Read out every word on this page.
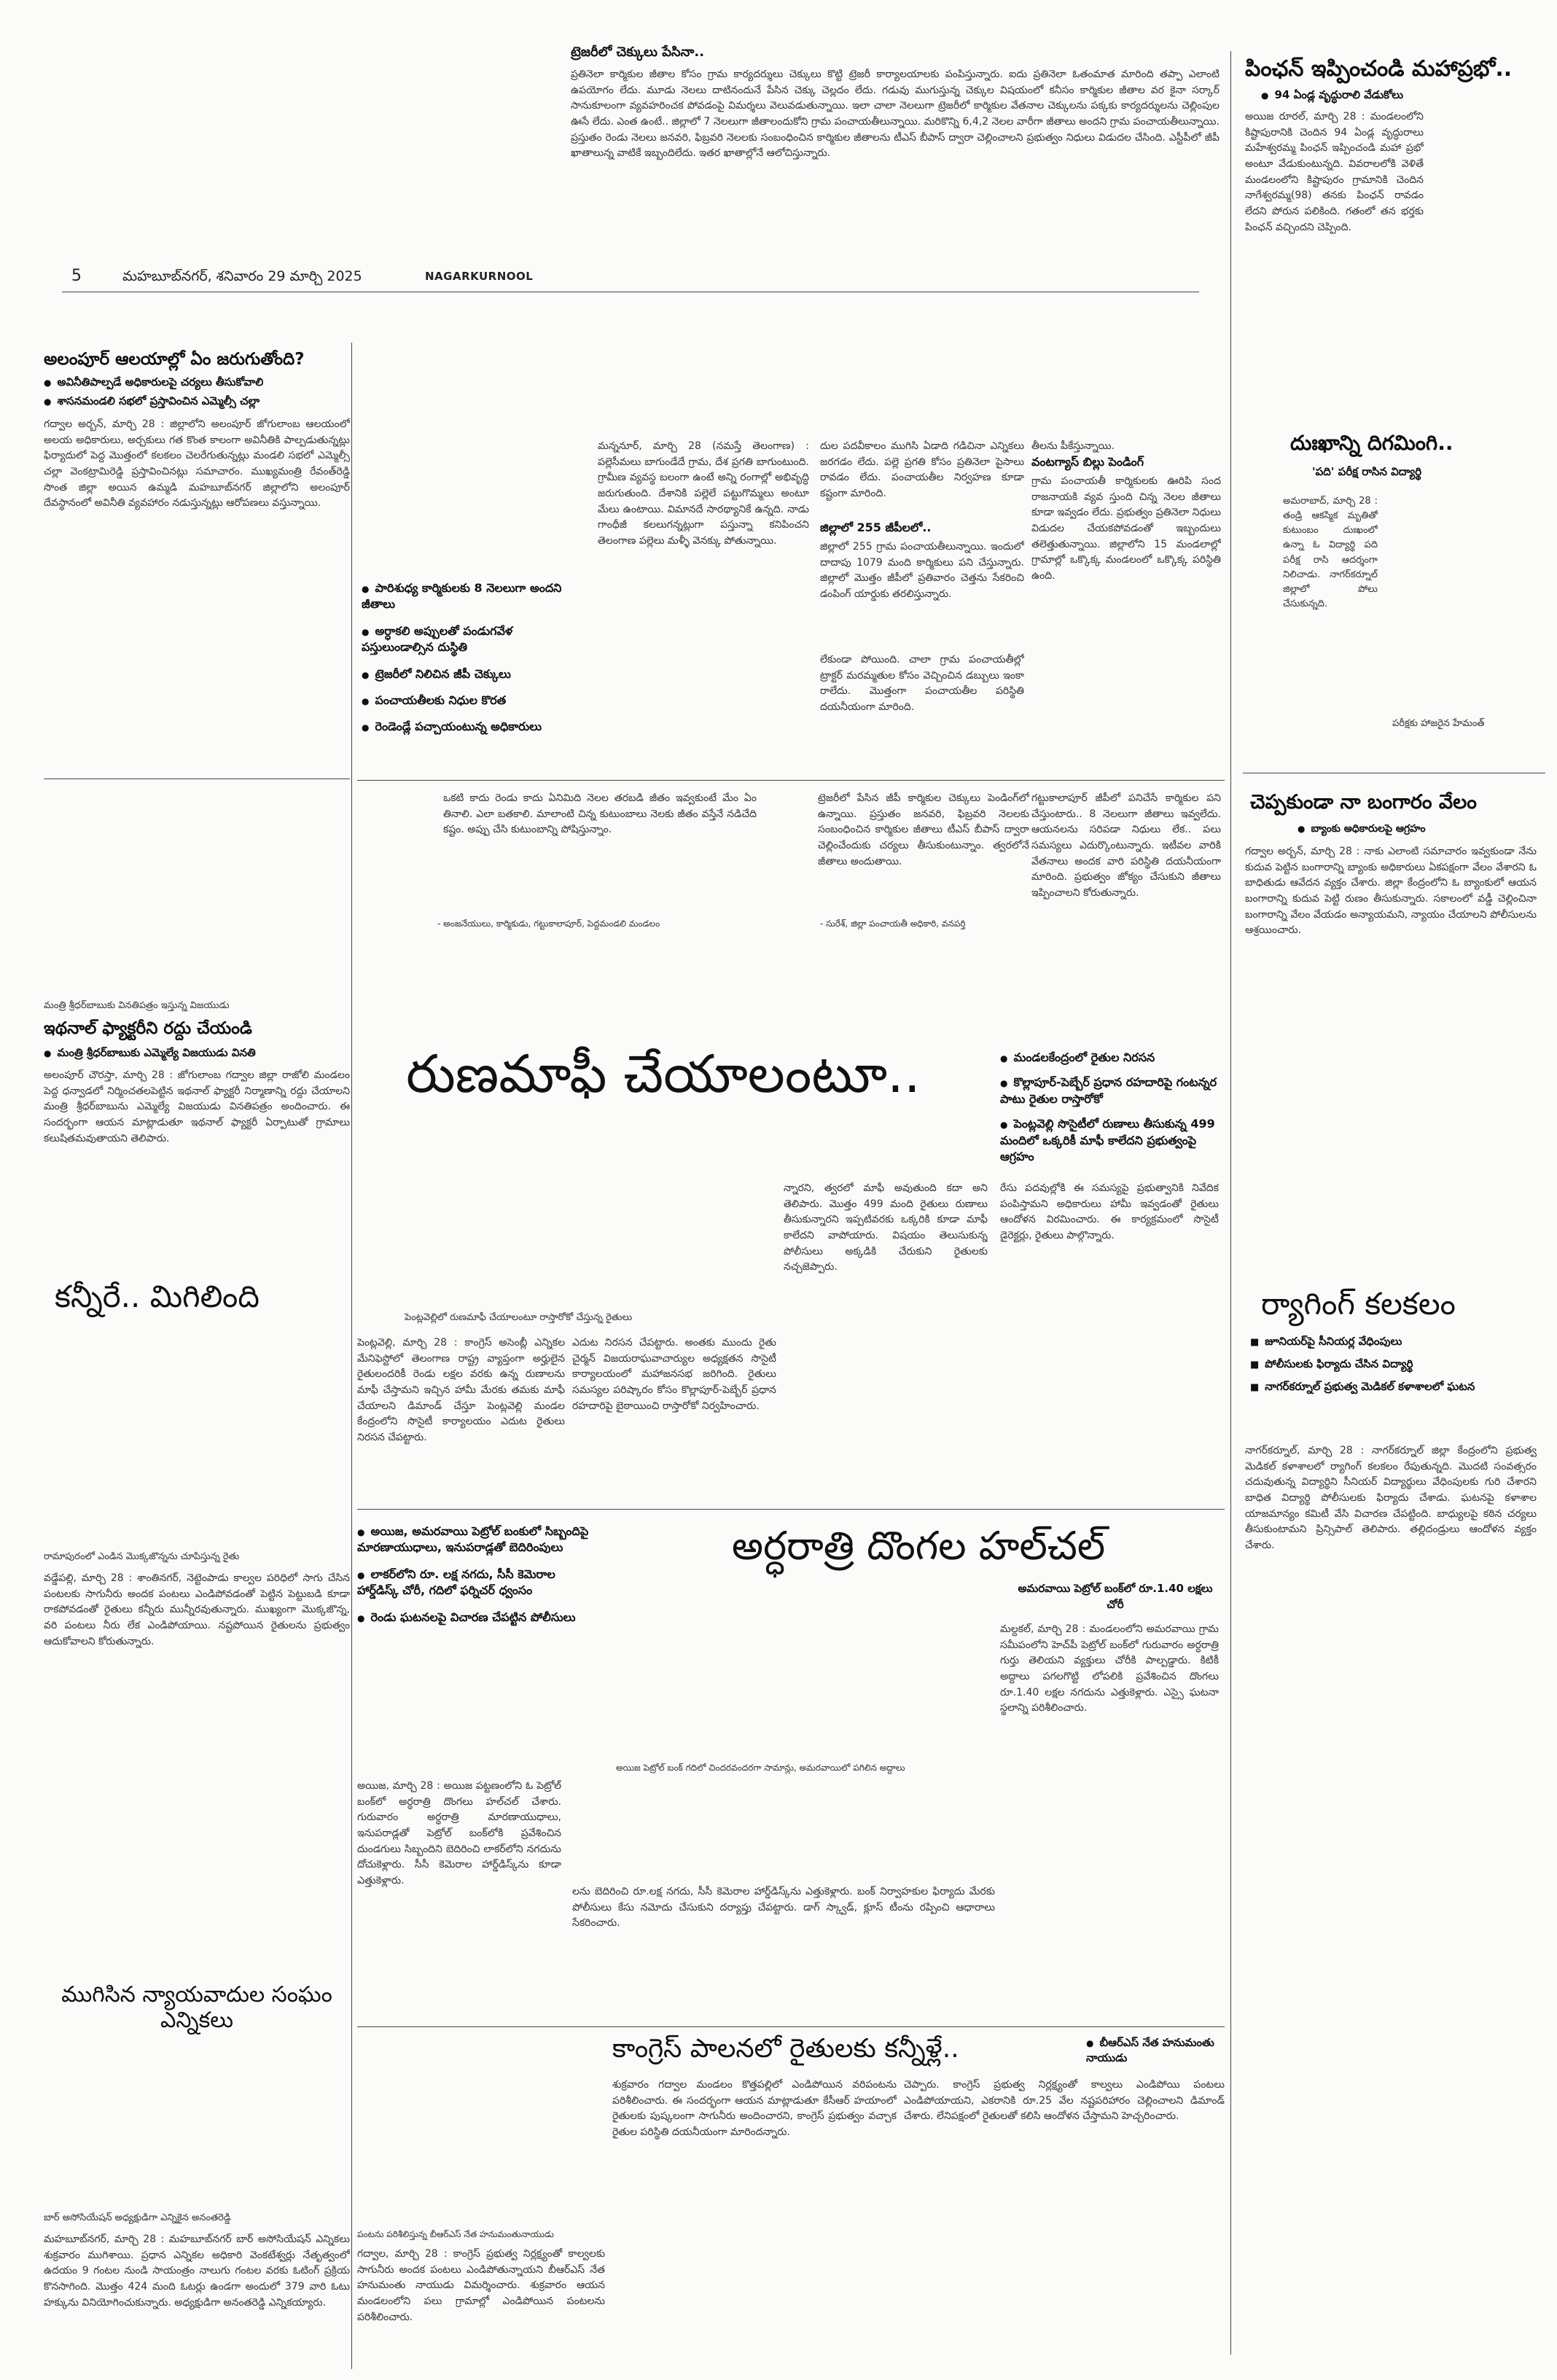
5	మహబూబ్‌నగర్, శనివారం 29 మార్చి 2025	NAGARKURNOOL
ట్రెజరీలో చెక్కులు పేసినా..
ప్రతినెలా కార్మికుల జీతాల కోసం గ్రామ కార్యదర్శులు చెక్కులు కొట్టి ట్రెజరీ కార్యాలయాలకు పంపిస్తున్నారు. ఐదు ప్రతినెలా ఓతంమాత మారింది తప్పా ఎలాంటి ఉపయోగం లేదు. మూడు నెలలు దాటినందునే పేసిన చెక్కు చెల్లదం లేదు. గడువు ముగుస్తున్న చెక్కుల విషయంలో కనీసం కార్మికుల జీతాల వర కైనా సర్కార్ సానుకూలంగా వ్యవహరించక పోవడంపై విమర్శలు వెలువడుతున్నాయి. ఇలా చాలా నెలలుగా ట్రెజరీలో కార్మికుల వేతనాల చెక్కులను పక్కకు కార్యదర్శులను చెల్లింపుల ఊసే లేదు. ఎంత ఉంటే.. జిల్లాలో 7 నెలలుగా జీతాలందుకోని గ్రామ పంచాయతీలున్నాయి. మరికొన్ని 6,4,2 నెలల వారీగా జీతాలు అందని గ్రామ పంచాయతీలున్నాయి. ప్రస్తుతం రెండు నెలలు జనవరి, ఫిబ్రవరి నెలలకు సంబంధించిన కార్మికుల జీతాలను టీఎస్ బీపాస్ ద్వారా చెల్లించాలని ప్రభుత్వం నిధులు విడుదల చేసింది. ఎస్టీపీలో జీపీ ఖాతాలున్న వాటికే ఇబ్బందిలేదు. ఇతర ఖాతాల్లోనే ఆలోచిస్తున్నారు.
పింఛన్ ఇప్పించండి మహాప్రభో..
● 94 ఏండ్ల వృద్ధురాలి వేడుకోలు
అయిజ రూరల్, మార్చి 28 : మండలంలోని కిష్టాపురానికి చెందిన 94 ఏండ్ల వృద్ధురాలు మహేశ్వరమ్మ పింఛన్ ఇప్పించండి మహా ప్రభో అంటూ వేడుకుంటున్నది. వివరాలలోకి వెళితే మండలంలోని కిష్టాపురం గ్రామానికి చెందిన నాగేశ్వరమ్మ(98) తనకు పింఛన్ రావడం లేదని పోరున పలికింది. గతంలో తన భర్తకు పింఛన్ వచ్చిందని చెప్పింది.
దుఃఖాన్ని దిగమింగి..
'పది' పరీక్ష రాసిన విద్యార్థి
అమరాబాద్, మార్చి 28 : తండ్రి ఆకస్మిక మృతితో కుటుంబం దుఃఖంలో ఉన్నా ఓ విద్యార్థి పది పరీక్ష రాసి ఆదర్శంగా నిలిచాడు. నాగర్‌కర్నూల్ జిల్లాలో పోలు చేసుకున్నది.
పరీక్షకు హాజరైన హేమంత్
అలంపూర్ ఆలయాల్లో ఏం జరుగుతోంది?
● అవినీతిపాల్పడే అధికారులపై చర్యలు తీసుకోవాలి
● శాసనమండలి సభలో ప్రస్తావించిన ఎమ్మెల్సీ చల్లా
గద్వాల అర్బన్, మార్చి 28 : జిల్లాలోని అలంపూర్ జోగులాంబ ఆలయంలో అలయ అధికారులు, అర్చకులు గత కొంత కాలంగా అవినీతికి పాల్పడుతున్నట్లు ఫిర్యాదులో పెద్ద మొత్తంలో కలకలం చెలరేగుతున్నట్లు మండలి సభలో ఎమ్మెల్సీ చల్లా వెంకట్రామిరెడ్డి ప్రస్తావించినట్లు సమాచారం. ముఖ్యమంత్రి రేవంత్‌రెడ్డి సొంత జిల్లా అయిన ఉమ్మడి మహబూబ్‌నగర్ జిల్లాలోని అలంపూర్ దేవస్థానంలో అవినీతి వ్యవహారం నడుస్తున్నట్లు ఆరోపణలు వస్తున్నాయి.
● పారిశుధ్య కార్మికులకు 8 నెలలుగా అందని జీతాలు
● అర్ధాకలి అప్పులతో పండుగవేళ పస్తులుండాల్సిన దుస్థితి
● ట్రెజరీలో నిలిచిన జీపీ చెక్కులు
● పంచాయతీలకు నిధుల కొరత
● రెండెండ్లే పచ్చాయంటున్న అధికారులు
మన్ననూర్, మార్చి 28 (నమస్తే తెలంగాణ) : పల్లెసీమలు బాగుండేదే గ్రామ, దేశ ప్రగతి బాగుంటుంది. గ్రామీణ వ్యవస్థ బలంగా ఉంటే అన్ని రంగాల్లో అభివృద్ధి జరుగుతుంది. దేశానికి పల్లెలే పట్టుగొమ్మలు అంటూ మేలు ఉంటాయి. విమానదే సారథ్యానికే ఉన్నది. నాడు గాంధీజీ కలలుగన్నట్లుగా పస్తున్నా కనిపించని తెలంగాణ పల్లెలు మళ్ళీ వెనక్కు పోతున్నాయి.
దుల పదవీకాలం ముగిసి ఏడాది గడిచినా ఎన్నికలు జరగడం లేదు. పల్లె ప్రగతి కోసం ప్రతినెలా పైసాలు రావడం లేదు. పంచాయతీల నిర్వహణ కూడా కష్టంగా మారింది.
జిల్లాలో 255 జీపీలలో..
జిల్లాలో 255 గ్రామ పంచాయతీలున్నాయి. ఇందులో దాదాపు 1079 మంది కార్మికులు పని చేస్తున్నారు. జిల్లాలో మొత్తం జీపీలో ప్రతివారం చెత్తను సేకరించి డంపింగ్ యార్డుకు తరలిస్తున్నారు.
లేకుండా పోయింది. చాలా గ్రామ పంచాయతీల్లో ట్రాక్టర్ మరమ్మతుల కోసం వెచ్చించిన డబ్బులు ఇంకా రాలేదు. మొత్తంగా పంచాయతీల పరిస్థితి దయనీయంగా మారింది.
తీలను పీకేస్తున్నాయి.
వంటగ్యాస్ బిల్లు పెండింగ్
గ్రామ పంచాయతీ కార్మికులకు ఊరిపి సంద రాజనాయకి వ్యవ స్తుంది చిన్న నెలల జీతాలు కూడా ఇవ్వడం లేదు. ప్రభుత్వం ప్రతినెలా నిధులు విడుదల చేయకపోవడంతో ఇబ్బందులు తలెత్తుతున్నాయి. జిల్లాలోని 15 మండలాల్లో గ్రామాల్లో ఒక్కొక్క మండలంలో ఒక్కొక్క పరిస్థితి ఉంది.
ఒకటి కాదు రెండు కాదు ఏనిమిది నెలల తరబడి జీతం ఇవ్వకుంటే మేం ఏం తినాలి. ఎలా బతకాలి. మాలాంటి చిన్న కుటుంబాలు నెలకు జీతం వస్తేనే నడిచేది కష్టం. అప్పు చేసి కుటుంబాన్ని పోషిస్తున్నాం.
- అంజనేయులు, కార్మికుడు, గట్టుకాలాపూర్, పెద్దమండలి మండలం
ట్రెజరీలో పేసిన జీపీ కార్మికుల చెక్కులు పెండింగ్‌లో ఉన్నాయి. ప్రస్తుతం జనవరి, ఫిబ్రవరి నెలలకు సంబంధించిన కార్మికుల జీతాలు టీఎస్ బీపాస్ ద్వారా చెల్లించేందుకు చర్యలు తీసుకుంటున్నాం. త్వరలోనే జీతాలు అందుతాయి.
- సురేశ్, జిల్లా పంచాయతీ అధికారి, వనపర్తి
గట్టుకాలాపూర్ జీపీలో పనిచేసే కార్మికుల పని చేస్తుంటారు.. 8 నెలలుగా జీతాలు ఇవ్వలేదు. ఆయనలను సరిపడా నిధులు లేక.. పలు సమస్యలు ఎదుర్కొంటున్నారు. ఇటీవల వారికి వేతనాలు అందక వారి పరిస్థితి దయనీయంగా మారింది. ప్రభుత్వం జోక్యం చేసుకుని జీతాలు ఇప్పించాలని కోరుతున్నారు.
చెప్పకుండా నా బంగారం వేలం
● బ్యాంకు అధికారులపై ఆగ్రహం
గద్వాల అర్బన్, మార్చి 28 : నాకు ఎలాంటి సమాచారం ఇవ్వకుండా నేను కుదువ పెట్టిన బంగారాన్ని బ్యాంకు అధికారులు ఏకపక్షంగా వేలం వేశారని ఓ బాధితుడు ఆవేదన వ్యక్తం చేశారు. జిల్లా కేంద్రంలోని ఓ బ్యాంకులో ఆయన బంగారాన్ని కుదువ పెట్టి రుణం తీసుకున్నారు. సకాలంలో వడ్డీ చెల్లించినా బంగారాన్ని వేలం వేయడం అన్యాయమని, న్యాయం చేయాలని పోలీసులను ఆశ్రయించారు.
మంత్రి శ్రీధర్‌బాబుకు వినతిపత్రం ఇస్తున్న విజయుడు
ఇథనాల్ ఫ్యాక్టరీని రద్దు చేయండి
● మంత్రి శ్రీధర్‌బాబుకు ఎమ్మెల్యే విజయుడు వినతి
అలంపూర్ చౌరస్తా, మార్చి 28 : జోగులాంబ గద్వాల జిల్లా రాజోలి మండలం పెద్ద ధన్వాడలో నిర్మించతలపెట్టిన ఇథనాల్ ఫ్యాక్టరీ నిర్మాణాన్ని రద్దు చేయాలని మంత్రి శ్రీధర్‌బాబును ఎమ్మెల్యే విజయుడు వినతిపత్రం అందించారు. ఈ సందర్భంగా ఆయన మాట్లాడుతూ ఇథనాల్ ఫ్యాక్టరీ ఏర్పాటుతో గ్రామాలు కలుషితమవుతాయని తెలిపారు.
రుణమాఫీ చేయాలంటూ..	● మండలకేంద్రంలో రైతుల నిరసన
● కొల్లాపూర్-పెబ్బేర్ ప్రధాన రహదారిపై గంటన్నర పాటు రైతుల రాస్తారోకో
● పెంట్లవెల్లి సొసైటీలో రుణాలు తీసుకున్న 499 మందిలో ఒక్కరికీ మాఫీ కాలేదని ప్రభుత్వంపై ఆగ్రహం
న్నారని, త్వరలో మాఫీ అవుతుంది కదా అని తెలిపారు. మొత్తం 499 మంది రైతులు రుణాలు తీసుకున్నారని ఇప్పటివరకు ఒక్కరికి కూడా మాఫీ కాలేదని వాపోయారు. విషయం తెలుసుకున్న పోలీసులు అక్కడికి చేరుకుని రైతులకు నచ్చజెప్పారు.
రేసు పదవుల్లోకి ఈ సమస్యపై ప్రభుత్వానికి నివేదిక పంపిస్తామని అధికారులు హామీ ఇవ్వడంతో రైతులు ఆందోళన విరమించారు. ఈ కార్యక్రమంలో సొసైటీ డైరెక్టర్లు, రైతులు పాల్గొన్నారు.
పెంట్లవెల్లిలో రుణమాఫీ చేయాలంటూ రాస్తారోకో చేస్తున్న రైతులు
పెంట్లవెల్లి, మార్చి 28 : కాంగ్రెస్ అసెంబ్లీ ఎన్నికల మేనిఫెస్టోలో తెలంగాణ రాష్ట్ర వ్యాప్తంగా అర్హులైన రైతులందరికీ రెండు లక్షల వరకు ఉన్న రుణాలను మాఫీ చేస్తామని ఇచ్చిన హామీ మేరకు తమకు మాఫీ చేయాలని డిమాండ్ చేస్తూ పెంట్లవెల్లి మండల కేంద్రంలోని సొసైటీ కార్యాలయం ఎదుట రైతులు నిరసన చేపట్టారు.
ఎదుట నిరసన చేపట్టారు. అంతకు ముందు రైతు చైర్మన్ విజయరాఘవాచార్యుల అధ్యక్షతన సొసైటీ కార్యాలయంలో మహాజనసభ జరిగింది. రైతులు సమస్యల పరిష్కారం కోసం కొల్లాపూర్-పెబ్బేర్ ప్రధాన రహదారిపై బైఠాయించి రాస్తారోకో నిర్వహించారు.
కన్నీరే.. మిగిలింది
రామాపురంలో ఎండిన మొక్కజొన్నను చూపిస్తున్న రైతు
వడ్డేపల్లి, మార్చి 28 : శాంతినగర్, నెట్టెంపాడు కాల్వల పరిధిలో సాగు చేసిన పంటలకు సాగునీరు అందక పంటలు ఎండిపోవడంతో పెట్టిన పెట్టుబడి కూడా రాకపోవడంతో రైతులు కన్నీరు మున్నీరవుతున్నారు. ముఖ్యంగా మొక్కజొన్న, వరి పంటలు నీరు లేక ఎండిపోయాయి. నష్టపోయిన రైతులను ప్రభుత్వం ఆదుకోవాలని కోరుతున్నారు.
ర్యాగింగ్ కలకలం
■ జూనియర్‌పై సీనియర్ల వేధింపులు
■ పోలీసులకు ఫిర్యాదు చేసిన విద్యార్థి
■ నాగర్‌కర్నూల్ ప్రభుత్వ మెడికల్ కళాశాలలో ఘటన
నాగర్‌కర్నూల్, మార్చి 28 : నాగర్‌కర్నూల్ జిల్లా కేంద్రంలోని ప్రభుత్వ మెడికల్ కళాశాలలో ర్యాగింగ్ కలకలం రేపుతున్నది. మొదటి సంవత్సరం చదువుతున్న విద్యార్థిని సీనియర్ విద్యార్థులు వేధింపులకు గురి చేశారని బాధిత విద్యార్థి పోలీసులకు ఫిర్యాదు చేశాడు. ఘటనపై కళాశాల యాజమాన్యం కమిటీ వేసి విచారణ చేపట్టింది. బాధ్యులపై కఠిన చర్యలు తీసుకుంటామని ప్రిన్సిపాల్ తెలిపారు. తల్లిదండ్రులు ఆందోళన వ్యక్తం చేశారు.
● అయిజ, అమరవాయి పెట్రోల్ బంకులో సిబ్బందిపై మారణాయుధాలు, ఇనుపరాడ్లతో బెదిరింపులు
● లాకర్‌లోని రూ. లక్ష నగదు, సీసీ కెమెరాల హార్డ్‌డిస్క్ చోరీ, గదిలో ఫర్నిచర్ ధ్వంసం
● రెండు ఘటనలపై విచారణ చేపట్టిన పోలీసులు
అర్ధరాత్రి దొంగల హల్‌చల్
అమరవాయి పెట్రోల్ బంక్‌లో రూ.1.40 లక్షలు చోరీ
మల్దకల్, మార్చి 28 : మండలంలోని అమరవాయి గ్రామ సమీపంలోని హెచ్‌పీ పెట్రోల్ బంక్‌లో గురువారం అర్ధరాత్రి గుర్తు తెలియని వ్యక్తులు చోరీకి పాల్పడ్డారు. కిటికీ అద్దాలు పగలగొట్టి లోపలికి ప్రవేశించిన దొంగలు రూ.1.40 లక్షల నగదును ఎత్తుకెళ్లారు. ఎస్సై ఘటనా స్థలాన్ని పరిశీలించారు.
అయిజ, మార్చి 28 : అయిజ పట్టణంలోని ఓ పెట్రోల్ బంక్‌లో అర్ధరాత్రి దొంగలు హల్‌చల్ చేశారు. గురువారం అర్ధరాత్రి మారణాయుధాలు, ఇనుపరాడ్లతో పెట్రోల్ బంక్‌లోకి ప్రవేశించిన దుండగులు సిబ్బందిని బెదిరించి లాకర్‌లోని నగదును దోచుకెళ్లారు. సీసీ కెమెరాల హార్డ్‌డిస్క్‌ను కూడా ఎత్తుకెళ్లారు.
అయిజ పెట్రోల్ బంక్ గదిలో చిందరవందరగా సామాన్లు, అమరవాయిలో పగిలిన అద్దాలు
లను బెదిరించి రూ.లక్ష నగదు, సీసీ కెమెరాల హార్డ్‌డిస్క్‌ను ఎత్తుకెళ్లారు. బంక్ నిర్వాహకుల ఫిర్యాదు మేరకు పోలీసులు కేసు నమోదు చేసుకుని దర్యాప్తు చేపట్టారు. డాగ్ స్క్వాడ్, క్లూస్ టీంను రప్పించి ఆధారాలు సేకరించారు.
ముగిసిన న్యాయవాదుల సంఘం ఎన్నికలు
బార్ అసోసియేషన్ అధ్యక్షుడిగా ఎన్నికైన అనంతరెడ్డి
మహబూబ్‌నగర్, మార్చి 28 : మహబూబ్‌నగర్ బార్ అసోసియేషన్ ఎన్నికలు శుక్రవారం ముగిశాయి. ప్రధాన ఎన్నికల అధికారి వెంకటేశ్వర్లు నేతృత్వంలో ఉదయం 9 గంటల నుండి సాయంత్రం నాలుగు గంటల వరకు ఓటింగ్ ప్రక్రియ కొనసాగింది. మొత్తం 424 మంది ఓటర్లు ఉండగా అందులో 379 వారి ఓటు హక్కును వినియోగించుకున్నారు. అధ్యక్షుడిగా అనంతరెడ్డి ఎన్నికయ్యారు.
కాంగ్రెస్ పాలనలో రైతులకు కన్నీళ్లే..	● బీఆర్‌ఎస్ నేత హనుమంతు నాయుడు
శుక్రవారం గద్వాల మండలం కొత్తపల్లిలో ఎండిపోయిన వరిపంటను పరిశీలించారు. ఈ సందర్భంగా ఆయన మాట్లాడుతూ కేసీఆర్ హయాంలో రైతులకు పుష్కలంగా సాగునీరు అందించారని, కాంగ్రెస్ ప్రభుత్వం వచ్చాక రైతుల పరిస్థితి దయనీయంగా మారిందన్నారు.
చెప్పారు. కాంగ్రెస్ ప్రభుత్వ నిర్లక్ష్యంతో కాల్వలు ఎండిపోయి పంటలు ఎండిపోయాయని, ఎకరానికి రూ.25 వేల నష్టపరిహారం చెల్లించాలని డిమాండ్ చేశారు. లేనిపక్షంలో రైతులతో కలిసి ఆందోళన చేస్తామని హెచ్చరించారు.
పంటను పరిశీలిస్తున్న బీఆర్‌ఎస్ నేత హనుమంతునాయుడు
గద్వాల, మార్చి 28 : కాంగ్రెస్ ప్రభుత్వ నిర్లక్ష్యంతో కాల్వలకు సాగునీరు అందక పంటలు ఎండిపోతున్నాయని బీఆర్‌ఎస్ నేత హనుమంతు నాయుడు విమర్శించారు. శుక్రవారం ఆయన మండలంలోని పలు గ్రామాల్లో ఎండిపోయిన పంటలను పరిశీలించారు.
